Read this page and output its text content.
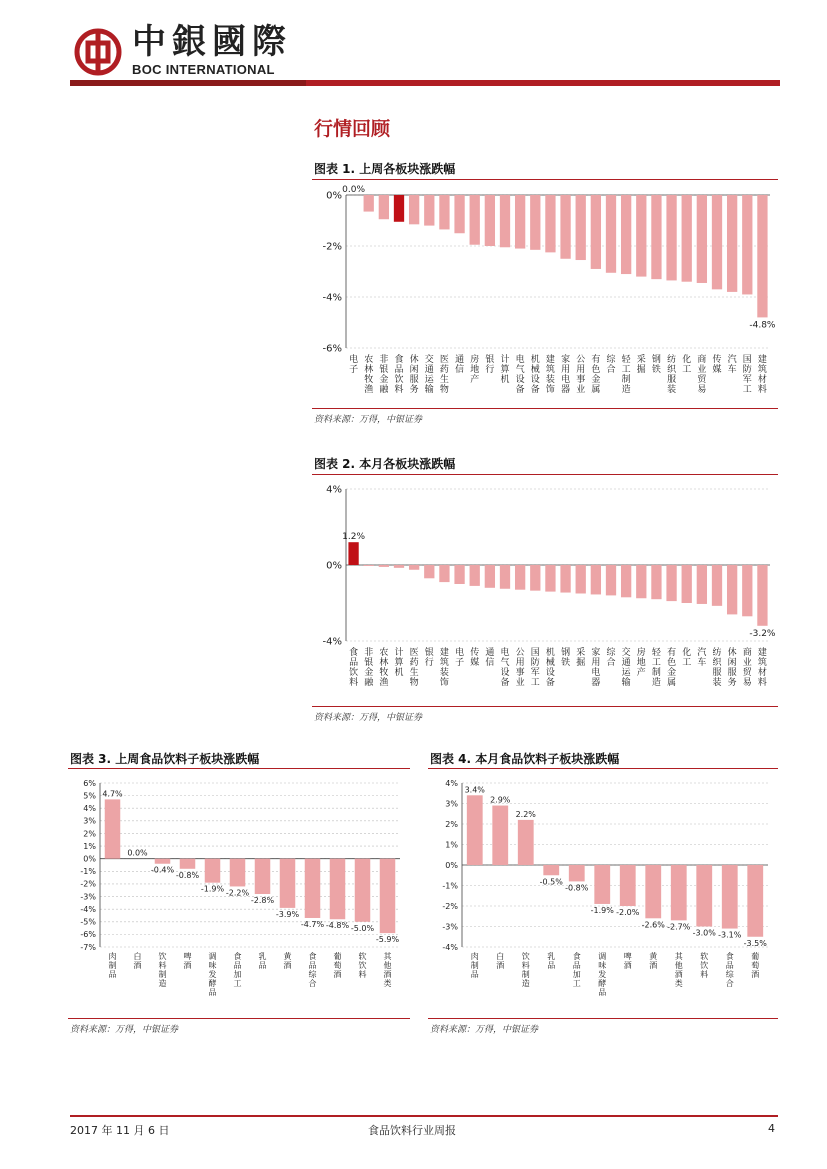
中銀國際
BOC INTERNATIONAL
行情回顾
图表 1. 上周各板块涨跌幅
0%
-2%
-4%
-6%
电子
农林牧渔
非银金融
食品饮料
休闲服务
交通运输
医药生物
通信
房地产
银行
计算机
电气设备
机械设备
建筑装饰
家用电器
公用事业
有色金属
综合
轻工制造
采掘
钢铁
纺织服装
化工
商业贸易
传媒
汽车
国防军工
建筑材料
0.0%
-4.8%
资料来源：万得，中银证券
图表 2. 本月各板块涨跌幅
4%
0%
-4%
食品饮料
非银金融
农林牧渔
计算机
医药生物
银行
建筑装饰
电子
传媒
通信
电气设备
公用事业
国防军工
机械设备
钢铁
采掘
家用电器
综合
交通运输
房地产
轻工制造
有色金属
化工
汽车
纺织服装
休闲服务
商业贸易
建筑材料
1.2%
-3.2%
资料来源：万得，中银证券
图表 3. 上周食品饮料子板块涨跌幅
6%
5%
4%
3%
2%
1%
0%
-1%
-2%
-3%
-4%
-5%
-6%
-7%
肉制品
白酒
饮料制造
啤酒
调味发酵品
食品加工
乳品
黄酒
食品综合
葡萄酒
软饮料
其他酒类
4.7%
0.0%
-0.4%
-0.8%
-1.9% -2.2%
-2.8%
-3.9%
-4.7% -4.8% -5.0%
-5.9%
资料来源：万得，中银证券
图表 4. 本月食品饮料子板块涨跌幅
4%
3%
2%
1%
0%
-1%
-2%
-3%
-4%
肉制品
白酒
饮料制造
乳品
食品加工
调味发酵品
啤酒
黄酒
其他酒类
软饮料
食品综合
葡萄酒
3.4%
2.9%
2.2%
-0.5%
-0.8%
-1.9% -2.0%
-2.6% -2.7%
-3.0% -3.1%
-3.5%
资料来源：万得，中银证券
2017 年 11 月 6 日	食品饮料行业周报	4
